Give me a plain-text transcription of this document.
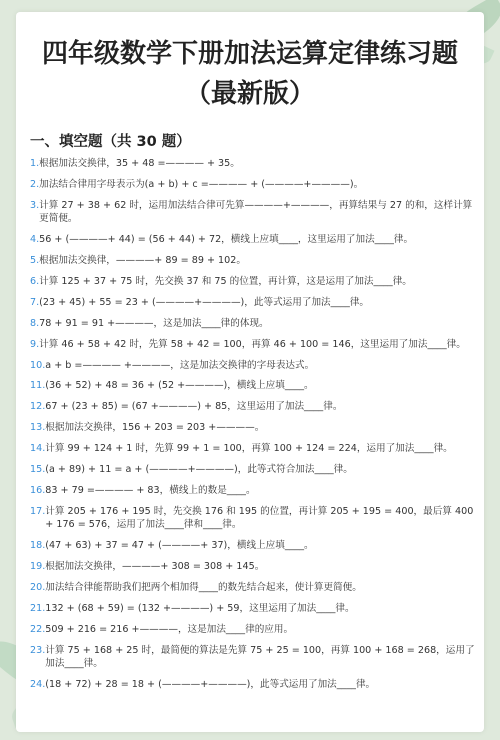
四年级数学下册加法运算定律练习题 （最新版）
一、填空题（共 30 题）
1. 根据加法交换律，35 + 48 =———— + 35。
2. 加法结合律用字母表示为(a + b) + c =———— + (————+————)。
3. 计算 27 + 38 + 62 时，运用加法结合律可先算————+————，再算结果与 27 的和，这样计算更简便。
4. 56 + (————+ 44) = (56 + 44) + 72，横线上应填____，这里运用了加法____律。
5. 根据加法交换律，————+ 89 = 89 + 102。
6. 计算 125 + 37 + 75 时，先交换 37 和 75 的位置，再计算，这是运用了加法____律。
7. (23 + 45) + 55 = 23 + (————+————)，此等式运用了加法____律。
8. 78 + 91 = 91 +————，这是加法____律的体现。
9. 计算 46 + 58 + 42 时，先算 58 + 42 = 100，再算 46 + 100 = 146，这里运用了加法____律。
10. a + b =———— +————，这是加法交换律的字母表达式。
11. (36 + 52) + 48 = 36 + (52 +————)，横线上应填____。
12. 67 + (23 + 85) = (67 +————) + 85，这里运用了加法____律。
13. 根据加法交换律，156 + 203 = 203 +————。
14. 计算 99 + 124 + 1 时，先算 99 + 1 = 100，再算 100 + 124 = 224，运用了加法____律。
15. (a + 89) + 11 = a + (————+————)，此等式符合加法____律。
16. 83 + 79 =———— + 83，横线上的数是____。
17. 计算 205 + 176 + 195 时，先交换 176 和 195 的位置，再计算 205 + 195 = 400，最后算 400 + 176 = 576，运用了加法____律和____律。
18. (47 + 63) + 37 = 47 + (————+ 37)，横线上应填____。
19. 根据加法交换律，————+ 308 = 308 + 145。
20. 加法结合律能帮助我们把两个相加得____的数先结合起来，使计算更简便。
21. 132 + (68 + 59) = (132 +————) + 59，这里运用了加法____律。
22. 509 + 216 = 216 +————，这是加法____律的应用。
23. 计算 75 + 168 + 25 时，最简便的算法是先算 75 + 25 = 100，再算 100 + 168 = 268，运用了加法____律。
24. (18 + 72) + 28 = 18 + (————+————)，此等式运用了加法____律。
